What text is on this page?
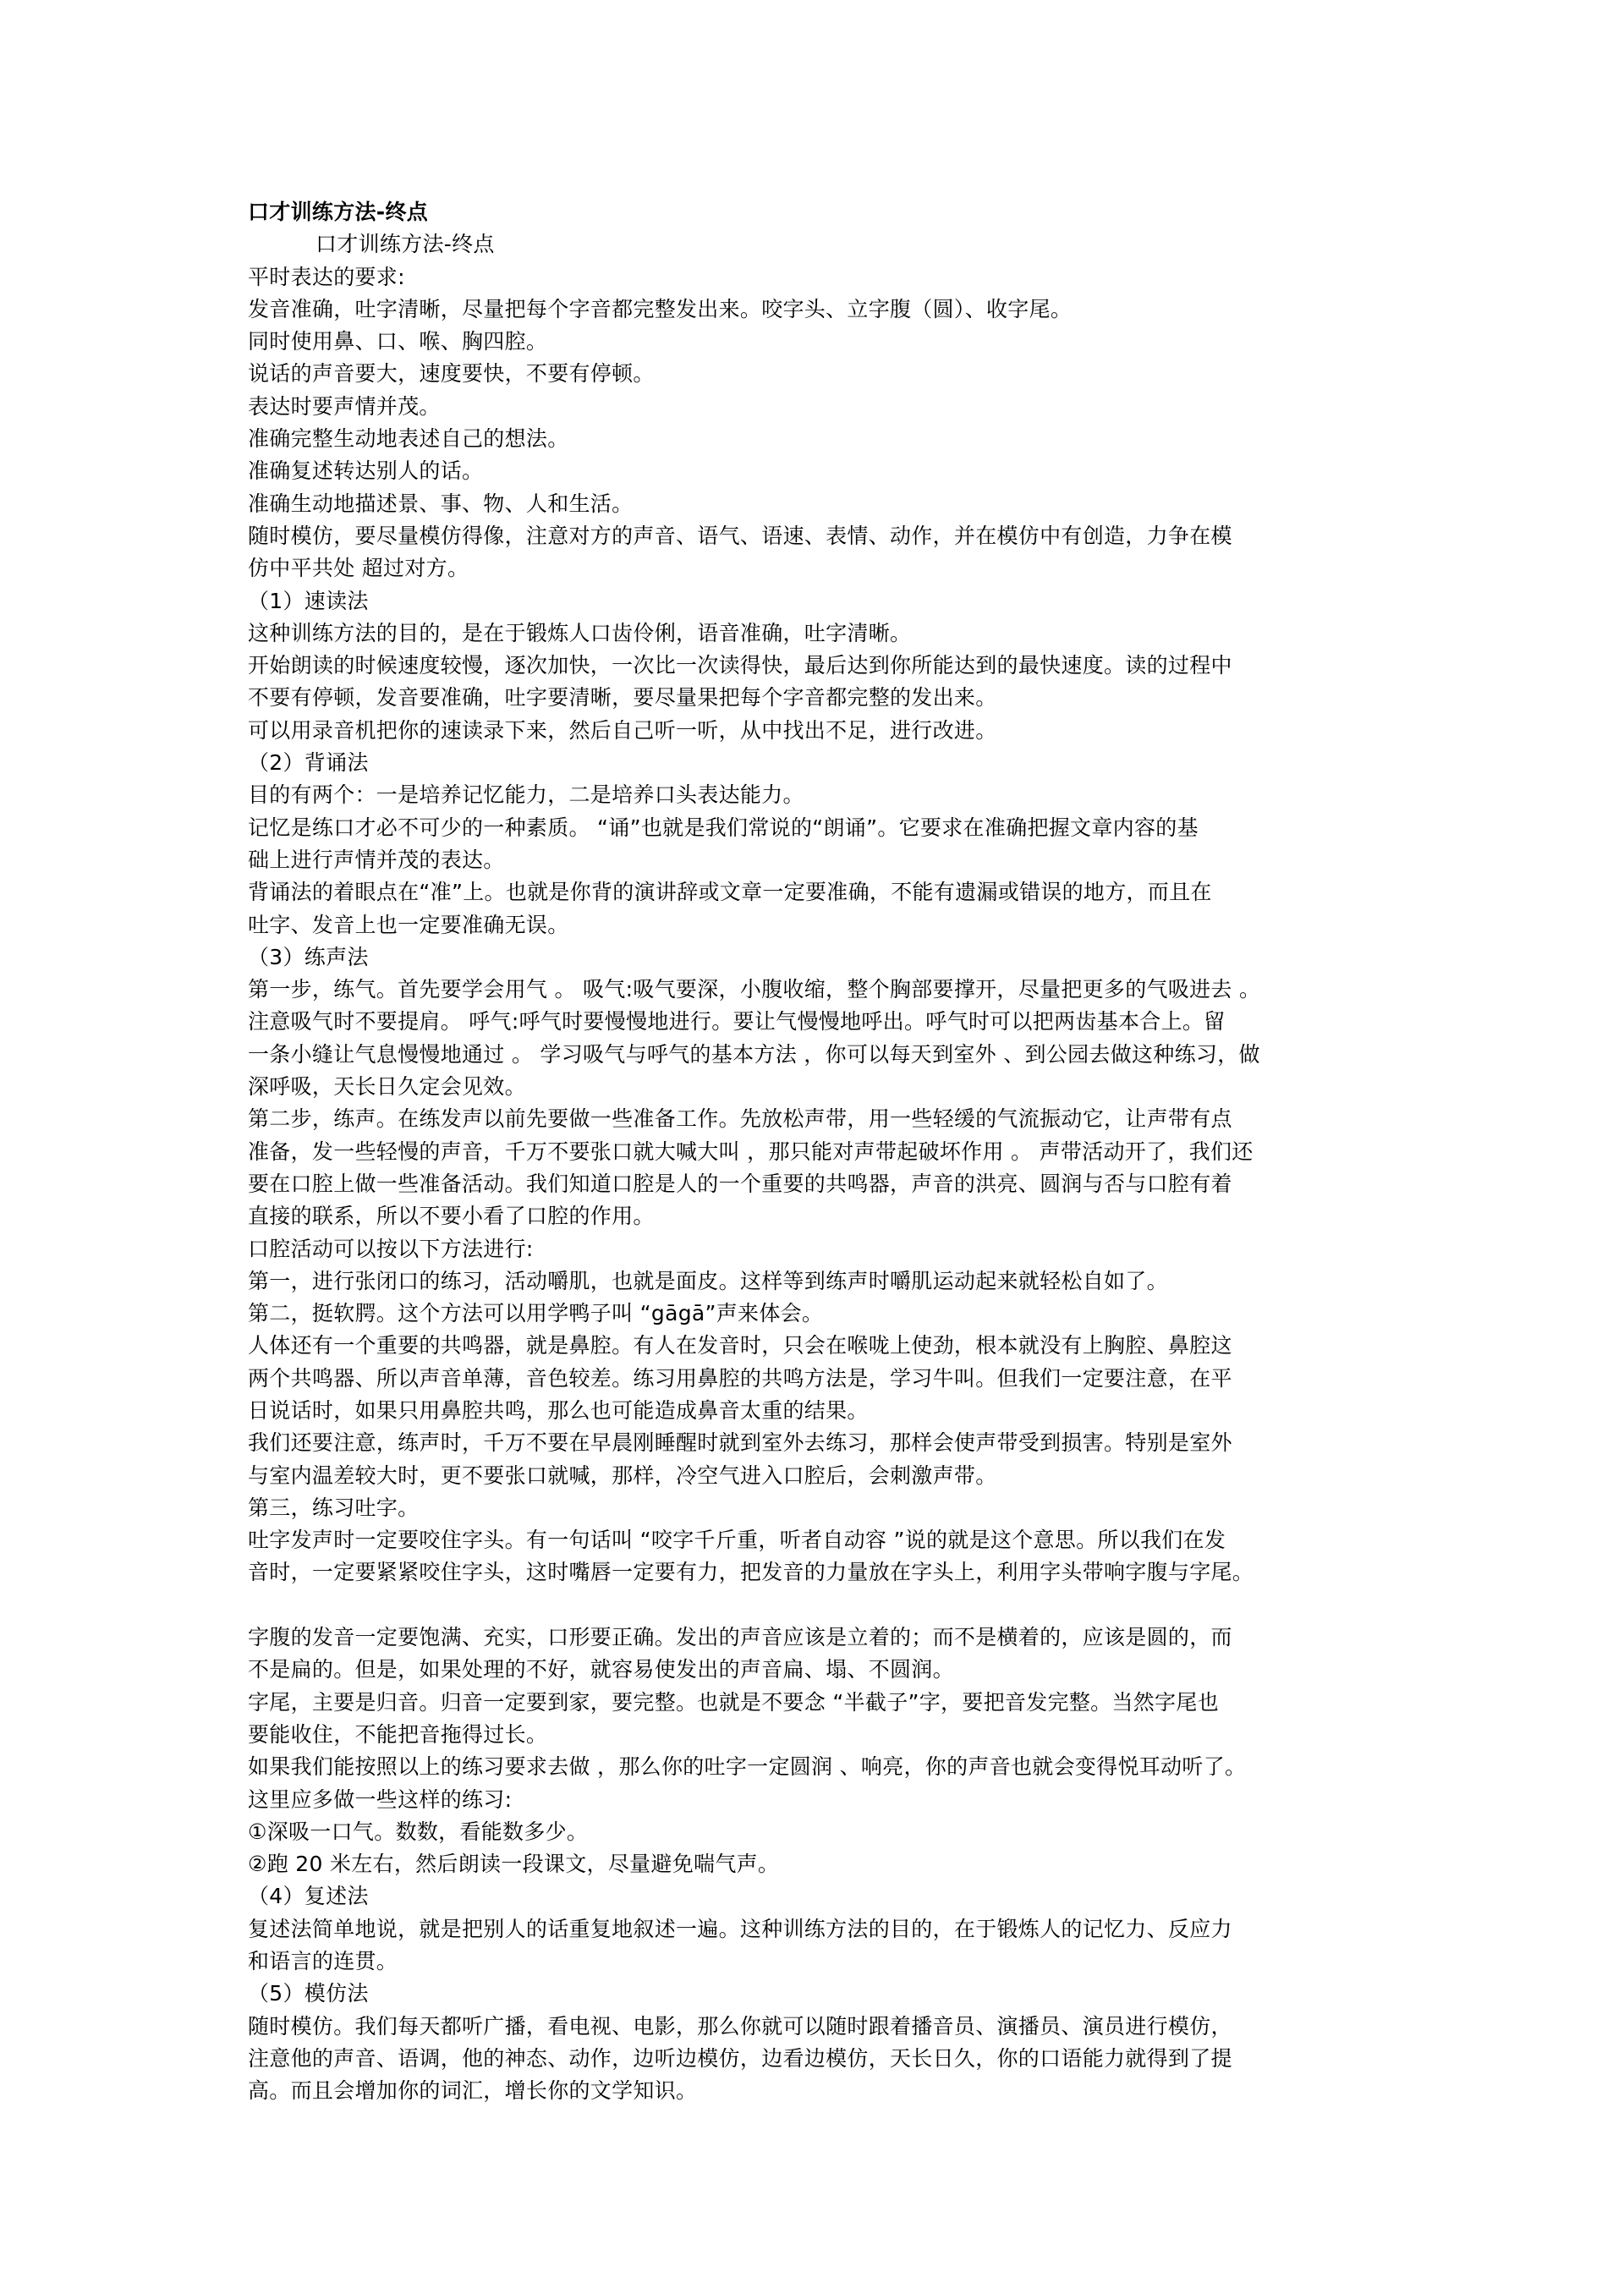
口才训练方法-终点
口才训练方法-终点
平时表达的要求:
发音准确，吐字清晰，尽量把每个字音都完整发出来。咬字头、立字腹（圆）、收字尾。
同时使用鼻、口、喉、胸四腔。
说话的声音要大，速度要快，不要有停顿。
表达时要声情并茂。
准确完整生动地表述自己的想法。
准确复述转达别人的话。
准确生动地描述景、事、物、人和生活。
随时模仿，要尽量模仿得像，注意对方的声音、语气、语速、表情、动作，并在模仿中有创造，力争在模
仿中平共处 超过对方。
（1）速读法
这种训练方法的目的，是在于锻炼人口齿伶俐，语音准确，吐字清晰。
开始朗读的时候速度较慢，逐次加快，一次比一次读得快，最后达到你所能达到的最快速度。读的过程中
不要有停顿，发音要准确，吐字要清晰，要尽量果把每个字音都完整的发出来。
可以用录音机把你的速读录下来，然后自己听一听，从中找出不足，进行改进。
（2）背诵法
目的有两个：一是培养记忆能力，二是培养口头表达能力。
记忆是练口才必不可少的一种素质。 “诵”也就是我们常说的“朗诵”。它要求在准确把握文章内容的基
础上进行声情并茂的表达。
背诵法的着眼点在“准”上。也就是你背的演讲辞或文章一定要准确，不能有遗漏或错误的地方，而且在
吐字、发音上也一定要准确无误。
（3）练声法
第一步，练气。首先要学会用气 。 吸气:吸气要深，小腹收缩，整个胸部要撑开，尽量把更多的气吸进去 。
注意吸气时不要提肩。 呼气:呼气时要慢慢地进行。要让气慢慢地呼出。呼气时可以把两齿基本合上。留
一条小缝让气息慢慢地通过 。 学习吸气与呼气的基本方法 ，你可以每天到室外 、到公园去做这种练习，做
深呼吸，天长日久定会见效。
第二步，练声。在练发声以前先要做一些准备工作。先放松声带，用一些轻缓的气流振动它，让声带有点
准备，发一些轻慢的声音，千万不要张口就大喊大叫 ，那只能对声带起破坏作用 。 声带活动开了，我们还
要在口腔上做一些准备活动。我们知道口腔是人的一个重要的共鸣器，声音的洪亮、圆润与否与口腔有着
直接的联系，所以不要小看了口腔的作用。
口腔活动可以按以下方法进行:
第一，进行张闭口的练习，活动嚼肌，也就是面皮。这样等到练声时嚼肌运动起来就轻松自如了。
第二，挺软腭。这个方法可以用学鸭子叫 “gāgā”声来体会。
人体还有一个重要的共鸣器，就是鼻腔。有人在发音时，只会在喉咙上使劲，根本就没有上胸腔、鼻腔这
两个共鸣器、所以声音单薄，音色较差。练习用鼻腔的共鸣方法是，学习牛叫。但我们一定要注意，在平
日说话时，如果只用鼻腔共鸣，那么也可能造成鼻音太重的结果。
我们还要注意，练声时，千万不要在早晨刚睡醒时就到室外去练习，那样会使声带受到损害。特别是室外
与室内温差较大时，更不要张口就喊，那样，冷空气进入口腔后，会刺激声带。
第三，练习吐字。
吐字发声时一定要咬住字头。有一句话叫 “咬字千斤重，听者自动容 ”说的就是这个意思。所以我们在发
音时，一定要紧紧咬住字头，这时嘴唇一定要有力，把发音的力量放在字头上，利用字头带响字腹与字尾。
字腹的发音一定要饱满、充实，口形要正确。发出的声音应该是立着的；而不是横着的，应该是圆的，而
不是扁的。但是，如果处理的不好，就容易使发出的声音扁、塌、不圆润。
字尾，主要是归音。归音一定要到家，要完整。也就是不要念 “半截子”字，要把音发完整。当然字尾也
要能收住，不能把音拖得过长。
如果我们能按照以上的练习要求去做 ，那么你的吐字一定圆润 、响亮，你的声音也就会变得悦耳动听了。
这里应多做一些这样的练习:
①深吸一口气。数数，看能数多少。
②跑 20 米左右，然后朗读一段课文，尽量避免喘气声。
（4）复述法
复述法简单地说，就是把别人的话重复地叙述一遍。这种训练方法的目的，在于锻炼人的记忆力、反应力
和语言的连贯。
（5）模仿法
随时模仿。我们每天都听广播，看电视、电影，那么你就可以随时跟着播音员、演播员、演员进行模仿，
注意他的声音、语调，他的神态、动作，边听边模仿，边看边模仿，天长日久，你的口语能力就得到了提
高。而且会增加你的词汇，增长你的文学知识。
